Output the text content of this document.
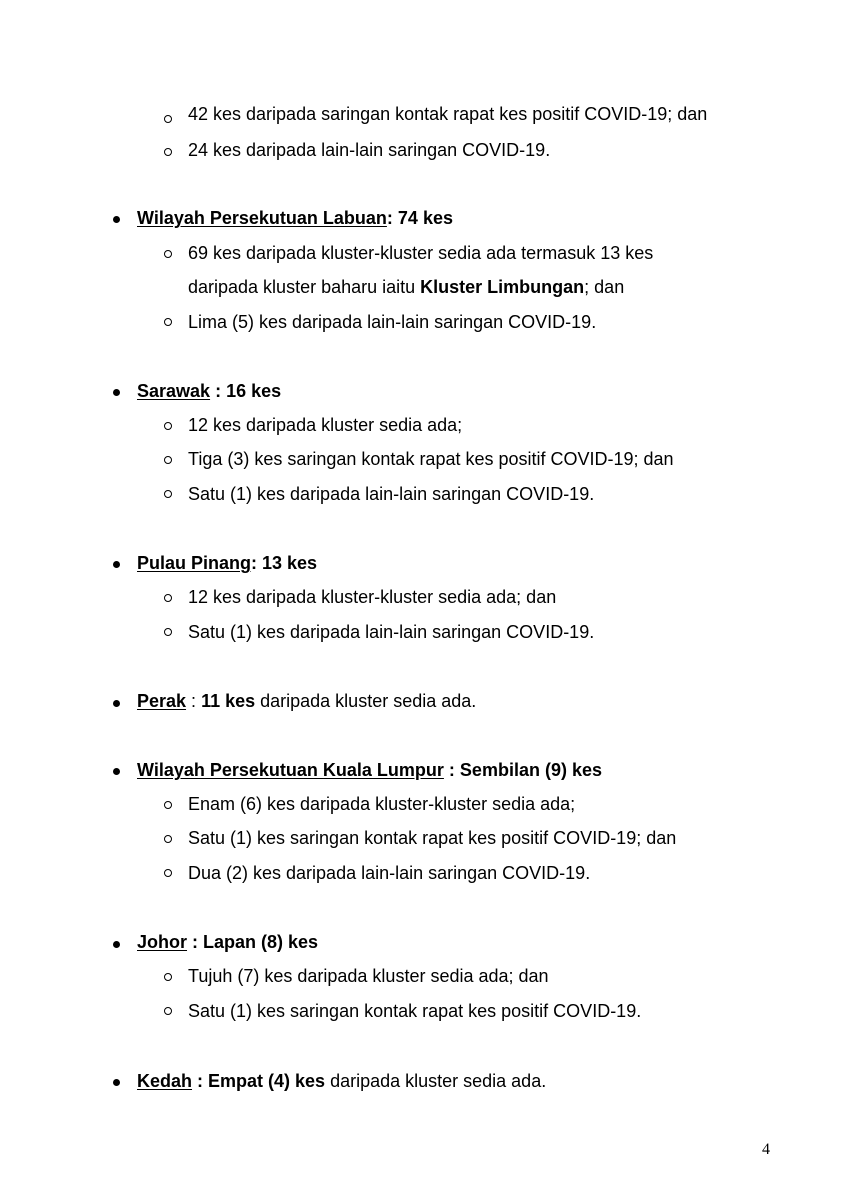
42 kes daripada saringan kontak rapat kes positif COVID-19; dan
24 kes daripada lain-lain saringan COVID-19.
Wilayah Persekutuan Labuan: 74 kes
69 kes daripada kluster-kluster sedia ada termasuk 13 kes
daripada kluster baharu iaitu Kluster Limbungan; dan
Lima (5) kes daripada lain-lain saringan COVID-19.
Sarawak : 16 kes
12 kes daripada kluster sedia ada;
Tiga (3) kes saringan kontak rapat kes positif COVID-19; dan
Satu (1) kes daripada lain-lain saringan COVID-19.
Pulau Pinang: 13 kes
12 kes daripada kluster-kluster sedia ada; dan
Satu (1) kes daripada lain-lain saringan COVID-19.
Perak : 11 kes daripada kluster sedia ada.
Wilayah Persekutuan Kuala Lumpur : Sembilan (9) kes
Enam (6) kes daripada kluster-kluster sedia ada;
Satu (1) kes saringan kontak rapat kes positif COVID-19; dan
Dua (2) kes daripada lain-lain saringan COVID-19.
Johor : Lapan (8) kes
Tujuh (7) kes daripada kluster sedia ada; dan
Satu (1) kes saringan kontak rapat kes positif COVID-19.
Kedah : Empat (4) kes daripada kluster sedia ada.
4
